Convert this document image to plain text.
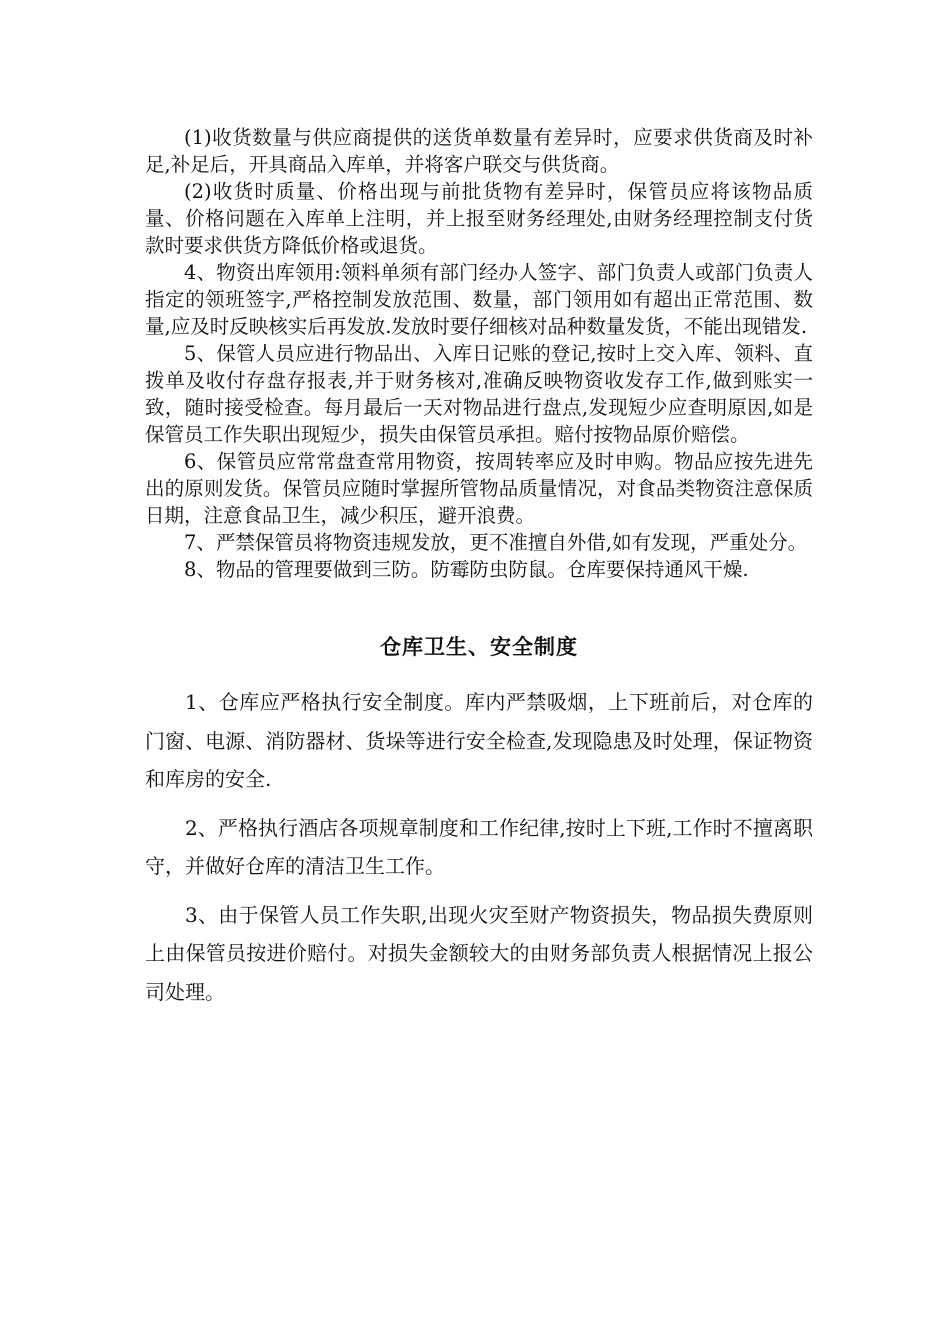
(1)收货数量与供应商提供的送货单数量有差异时，应要求供货商及时补足,补足后，开具商品入库单，并将客户联交与供货商。

(2)收货时质量、价格出现与前批货物有差异时，保管员应将该物品质量、价格问题在入库单上注明，并上报至财务经理处,由财务经理控制支付货款时要求供货方降低价格或退货。

4、物资出库领用:领料单须有部门经办人签字、部门负责人或部门负责人指定的领班签字,严格控制发放范围、数量，部门领用如有超出正常范围、数量,应及时反映核实后再发放.发放时要仔细核对品种数量发货，不能出现错发.

5、保管人员应进行物品出、入库日记账的登记,按时上交入库、领料、直拨单及收付存盘存报表,并于财务核对,准确反映物资收发存工作,做到账实一致，随时接受检查。每月最后一天对物品进行盘点,发现短少应查明原因,如是保管员工作失职出现短少，损失由保管员承担。赔付按物品原价赔偿。

6、保管员应常常盘查常用物资，按周转率应及时申购。物品应按先进先出的原则发货。保管员应随时掌握所管物品质量情况，对食品类物资注意保质日期，注意食品卫生，减少积压，避开浪费。

7、严禁保管员将物资违规发放，更不准擅自外借,如有发现，严重处分。

8、物品的管理要做到三防。防霉防虫防鼠。仓库要保持通风干燥.

仓库卫生、安全制度

1、仓库应严格执行安全制度。库内严禁吸烟，上下班前后，对仓库的门窗、电源、消防器材、货垛等进行安全检查,发现隐患及时处理，保证物资和库房的安全.

2、严格执行酒店各项规章制度和工作纪律,按时上下班,工作时不擅离职守，并做好仓库的清洁卫生工作。

3、由于保管人员工作失职,出现火灾至财产物资损失，物品损失费原则上由保管员按进价赔付。对损失金额较大的由财务部负责人根据情况上报公司处理。
